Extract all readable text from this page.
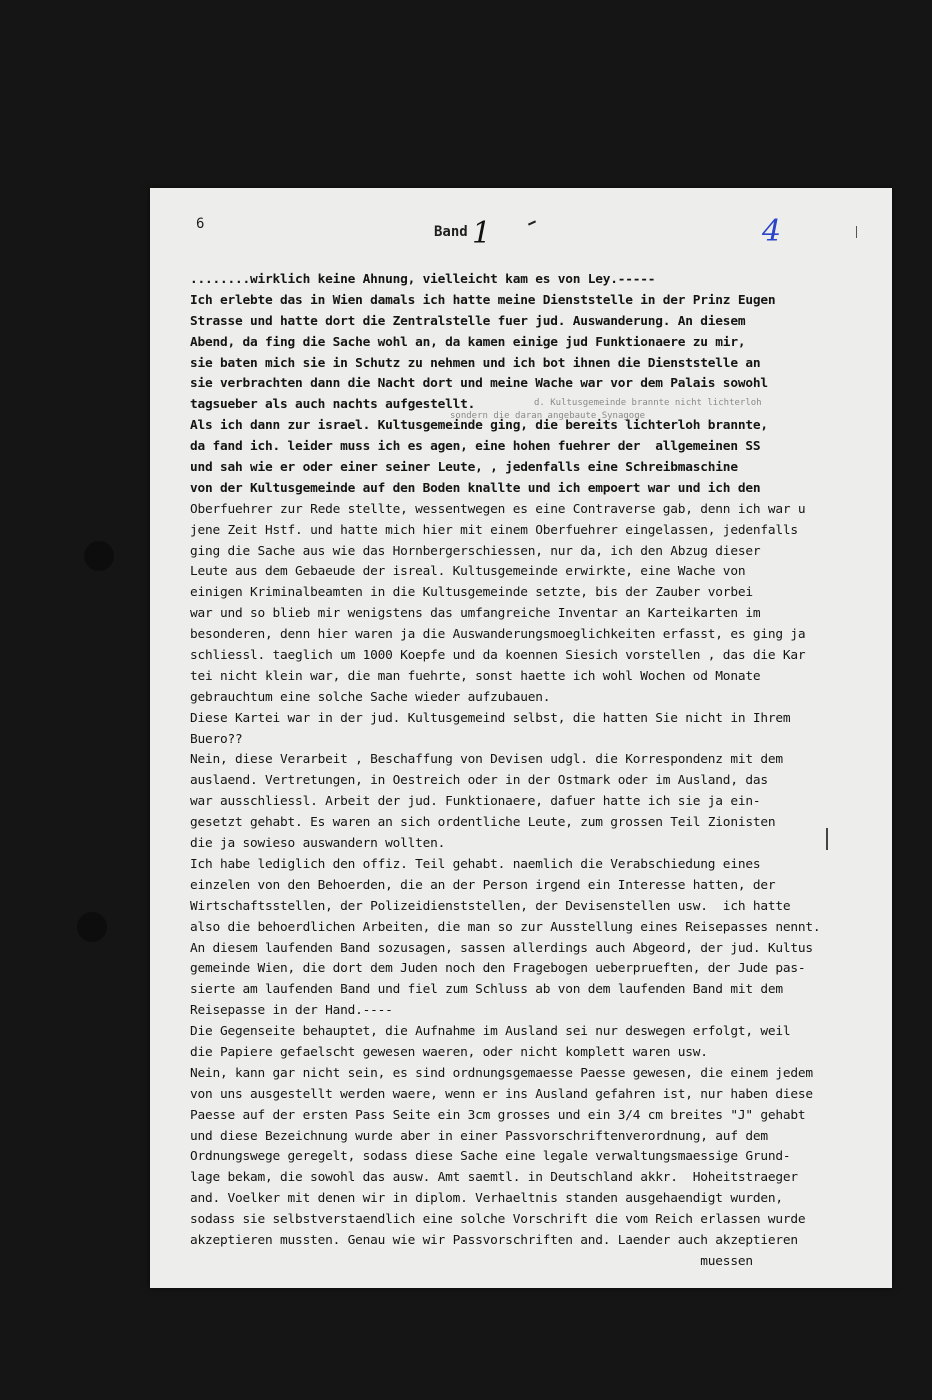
6	Band 1	4
d. Kultusgemeinde brannte nicht lichterloh
sondern die daran angebaute Synagoge
........wirklich keine Ahnung, vielleicht kam es von Ley.-----
Ich erlebte das in Wien damals ich hatte meine Dienststelle in der Prinz Eugen
Strasse und hatte dort die Zentralstelle fuer jud. Auswanderung. An diesem
Abend, da fing die Sache wohl an, da kamen einige jud Funktionaere zu mir,
sie baten mich sie in Schutz zu nehmen und ich bot ihnen die Dienststelle an
sie verbrachten dann die Nacht dort und meine Wache war vor dem Palais sowohl
tagsueber als auch nachts aufgestellt.
Als ich dann zur israel. Kultusgemeinde ging, die bereits lichterloh brannte,
da fand ich. leider muss ich es agen, eine hohen fuehrer der  allgemeinen SS
und sah wie er oder einer seiner Leute, , jedenfalls eine Schreibmaschine
von der Kultusgemeinde auf den Boden knallte und ich empoert war und ich den
Oberfuehrer zur Rede stellte, wessentwegen es eine Contraverse gab, denn ich war u
jene Zeit Hstf. und hatte mich hier mit einem Oberfuehrer eingelassen, jedenfalls
ging die Sache aus wie das Hornbergerschiessen, nur da, ich den Abzug dieser
Leute aus dem Gebaeude der isreal. Kultusgemeinde erwirkte, eine Wache von
einigen Kriminalbeamten in die Kultusgemeinde setzte, bis der Zauber vorbei
war und so blieb mir wenigstens das umfangreiche Inventar an Karteikarten im
besonderen, denn hier waren ja die Auswanderungsmoeglichkeiten erfasst, es ging ja
schliessl. taeglich um 1000 Koepfe und da koennen Siesich vorstellen , das die Kar
tei nicht klein war, die man fuehrte, sonst haette ich wohl Wochen od Monate
gebrauchtum eine solche Sache wieder aufzubauen.
Diese Kartei war in der jud. Kultusgemeind selbst, die hatten Sie nicht in Ihrem
Buero??
Nein, diese Verarbeit , Beschaffung von Devisen udgl. die Korrespondenz mit dem
auslaend. Vertretungen, in Oestreich oder in der Ostmark oder im Ausland, das
war ausschliessl. Arbeit der jud. Funktionaere, dafuer hatte ich sie ja ein-
gesetzt gehabt. Es waren an sich ordentliche Leute, zum grossen Teil Zionisten
die ja sowieso auswandern wollten.
Ich habe lediglich den offiz. Teil gehabt. naemlich die Verabschiedung eines
einzelen von den Behoerden, die an der Person irgend ein Interesse hatten, der
Wirtschaftsstellen, der Polizeidienststellen, der Devisenstellen usw.  ich hatte
also die behoerdlichen Arbeiten, die man so zur Ausstellung eines Reisepasses nennt.
An diesem laufenden Band sozusagen, sassen allerdings auch Abgeord, der jud. Kultus
gemeinde Wien, die dort dem Juden noch den Fragebogen ueberprueften, der Jude pas-
sierte am laufenden Band und fiel zum Schluss ab von dem laufenden Band mit dem
Reisepasse in der Hand.----
Die Gegenseite behauptet, die Aufnahme im Ausland sei nur deswegen erfolgt, weil
die Papiere gefaelscht gewesen waeren, oder nicht komplett waren usw.
Nein, kann gar nicht sein, es sind ordnungsgemaesse Paesse gewesen, die einem jedem
von uns ausgestellt werden waere, wenn er ins Ausland gefahren ist, nur haben diese
Paesse auf der ersten Pass Seite ein 3cm grosses und ein 3/4 cm breites "J" gehabt
und diese Bezeichnung wurde aber in einer Passvorschriftenverordnung, auf dem
Ordnungswege geregelt, sodass diese Sache eine legale verwaltungsmaessige Grund-
lage bekam, die sowohl das ausw. Amt saemtl. in Deutschland akkr.  Hoheitstraeger
and. Voelker mit denen wir in diplom. Verhaeltnis standen ausgehaendigt wurden,
sodass sie selbstverstaendlich eine solche Vorschrift die vom Reich erlassen wurde
akzeptieren mussten. Genau wie wir Passvorschriften and. Laender auch akzeptieren
muessen
